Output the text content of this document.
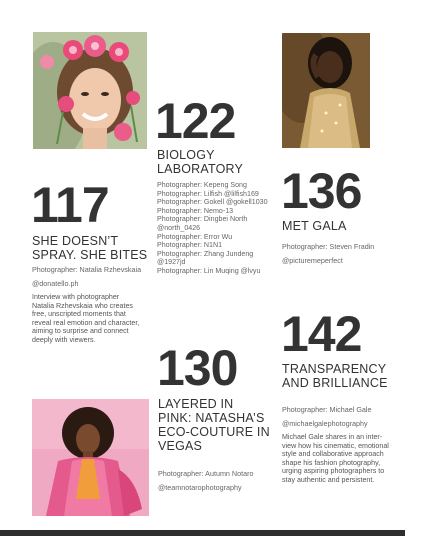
122
BIOLOGY
LABORATORY
Photographer: Kepeng Song
Photographer: Lilfish @lilfish169
Photographer: Gokell @gokell1030
Photographer: Nemo-13
Photographer: Dingbei North
@north_0426
Photographer: Error Wu
Photographer: N1N1
Photographer: Zhang Jundeng
@1927jd
Photographer: Lin Muqing @lvyu
117
SHE DOESN’T
SPRAY. SHE BITES
Photographer: Natalia Rzhevskaia
@donatello.ph
Interview with photographer
Natalia Rzhevskaia who creates
free, unscripted moments that
reveal real emotion and character,
aiming to surprise and connect
deeply with viewers.
136
MET GALA
Photographer: Steven Fradin
@picturemeperfect
142
TRANSPARENCY
AND BRILLIANCE
Photographer: Michael Gale
@michaelgalephotography
Michael Gale shares in an inter-
view how his cinematic, emotional
style and collaborative approach
shape his fashion photography,
urging aspiring photographers to
stay authentic and persistent.
130
LAYERED IN
PINK: NATASHA’S
ECO-COUTURE IN
VEGAS
Photographer: Autumn Notaro
@teamnotarophotography
